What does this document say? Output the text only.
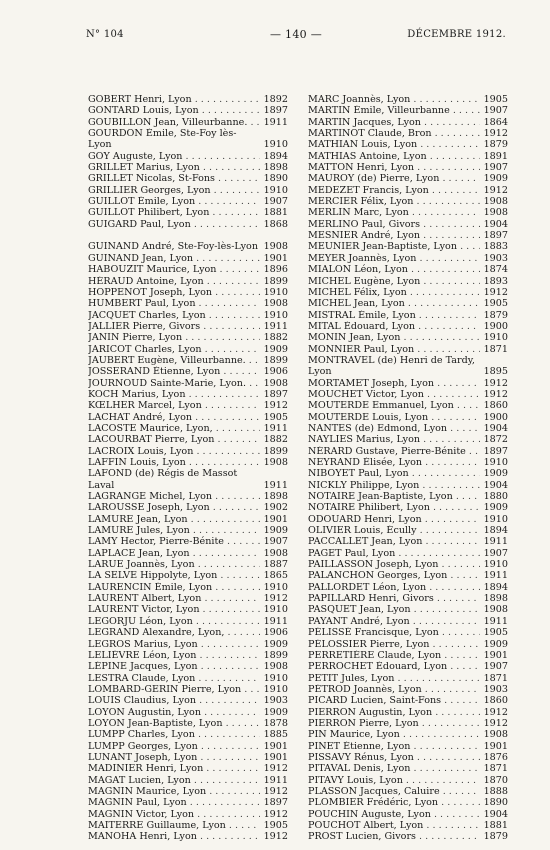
N° 104	— 140 —	DÉCEMBRE 1912.
GOBERT Henri, Lyon . . .	1892
GONTARD Louis, Lyon . . .	1897
GOUBILLON Jean, Villeurbanne. . . .	1911
GOURDON Émile, Ste-Foy lès-Lyon	1910
GOY Auguste, Lyon . . .	1894
GRILLET Marius, Lyon . . .	1898
GRILLET Nicolas, St-Fons . . .	1890
GRILLIER Georges, Lyon . . .	1910
GUILLOT Émile, Lyon . . .	1907
GUILLOT Philibert, Lyon . . .	1881
GUIGARD Paul, Lyon . . .	1868
GUINAND André, Ste-Foy-lès-Lyon 1908
GUINAND Jean, Lyon . . .	1901
HABOUZIT Maurice, Lyon . . .	1896
HÉRAUD Antoine, Lyon . . .	1899
HOPPENOT Joseph, Lyon . . .	1910
HUMBERT Paul, Lyon . . .	1908
JACQUET Charles, Lyon . . .	1910
JALLIER Pierre, Givors . . .	1911
JANIN Pierre, Lyon . . .	1882
JARICOT Charles, Lyon . . .	1909
JAUBERT Eugène, Villeurbanne. . . .	1899
JOSSERAND Étienne, Lyon . . .	1906
JOURNOUD Sainte-Marie, Lyon. . . .	1908
KOCH Marius, Lyon . . .	1897
KŒLHER Marcel, Lyon . . .	1912
LACHAT André, Lyon . . .	1905
LACOSTE Maurice, Lyon, . . .	1911
LACOURBAT Pierre, Lyon . . .	1882
LACROIX Louis, Lyon . . .	1899
LAFFIN Louis, Lyon . . .	1908
LAFOND (de) Régis de Massot Laval	1911
LAGRANGE Michel, Lyon . . .	1898
LAROUSSE Joseph, Lyon . . .	1902
LAMURE Jean, Lyon . . .	1901
LAMURE Jules, Lyon . . .	1909
LAMY Hector, Pierre-Bénite . . .	1907
LAPLACE Jean, Lyon . . .	1908
LARUE Joannès, Lyon . . .	1887
LA SELVE Hippolyte, Lyon . . .	1865
LAURENCIN Émile, Lyon . . .	1910
LAURENT Albert, Lyon . . .	1912
LAURENT Victor, Lyon . . .	1910
LEGORJU Léon, Lyon . . .	1911
LEGRAND Alexandre, Lyon, . . .	1906
LEGROS Marius, Lyon . . .	1909
LELIÈVRE Léon, Lyon . . .	1899
LÉPINE Jacques, Lyon . . .	1908
LESTRA Claude, Lyon . . .	1910
LOMBARD-GERIN Pierre, Lyon . . .	1910
LOUIS Claudius, Lyon . . .	1903
LOYON Augustin, Lyon . . .	1909
LOYON Jean-Baptiste, Lyon . . .	1878
LUMPP Charles, Lyon . . .	1885
LUMPP Georges, Lyon . . .	1901
LUNANT Joseph, Lyon . . .	1901
MADINIER Henri, Lyon . . .	1912
MAGAT Lucien, Lyon . . .	1911
MAGNIN Maurice, Lyon . . .	1912
MAGNIN Paul, Lyon . . .	1897
MAGNIN Victor, Lyon . . .	1912
MAITERRE Guillaume, Lyon . . .	1905
MANOHA Henri, Lyon . . .	1912
MARC Joannès, Lyon . . .	1905
MARTIN Émile, Villeurbanne . . .	1907
MARTIN Jacques, Lyon . . .	1864
MARTINOT Claude, Bron . . .	1912
MATHIAN Louis, Lyon . . .	1879
MATHIAS Antoine, Lyon . . .	1891
MATTON Henri, Lyon . . .	1907
MAUROY (de) Pierre, Lyon . . .	1909
MEDEZET Francis, Lyon . . .	1912
MERCIER Félix, Lyon . . .	1908
MERLIN Marc, Lyon . . .	1908
MERLINO Paul, Givors . . .	1904
MESNIER André, Lyon . . .	1897
MEUNIER Jean-Baptiste, Lyon . . .	1883
MEYER Joannès, Lyon . . .	1903
MIALON Léon, Lyon . . .	1874
MICHEL Eugène, Lyon . . .	1893
MICHEL Félix, Lyon . . .	1912
MICHEL Jean, Lyon . . .	1905
MISTRAL Émile, Lyon . . .	1879
MITAL Édouard, Lyon . . .	1900
MONIN Jean, Lyon . . .	1910
MONNIER Paul, Lyon . . .	1871
MONTRAVEL (de) Henri de Tardy, Lyon	1895
MORTAMET Joseph, Lyon . . .	1912
MOUCHET Victor, Lyon . . .	1912
MOUTERDE Emmanuel, Lyon . . .	1860
MOUTERDE Louis, Lyon . . .	1900
NANTES (de) Edmond, Lyon . . .	1904
NAYLIES Marius, Lyon . . .	1872
NÉRARD Gustave, Pierre-Bénite . . .	1897
NEYRAND Élisée, Lyon . . .	1910
NIBOYET Paul, Lyon . . .	1909
NICKLY Philippe, Lyon . . .	1904
NOTAIRE Jean-Baptiste, Lyon . . .	1880
NOTAIRE Philibert, Lyon . . .	1909
ODOUARD Henri, Lyon . . .	1910
OLIVIER Louis, Écully . . .	1894
PACCALLET Jean, Lyon . . .	1911
PAGET Paul, Lyon . . .	1907
PAILLASSON Joseph, Lyon . . .	1910
PALANCHON Georges, Lyon . . .	1911
PALLORDET Léon, Lyon . . .	1894
PAPILLARD Henri, Givors . . .	1898
PASQUET Jean, Lyon . . .	1908
PAYANT André, Lyon . . .	1911
PÉLISSÉ Francisque, Lyon . . .	1905
PÉLOSSIER Pierre, Lyon . . .	1909
PERRETIÈRE Claude, Lyon . . .	1901
PERROCHET Édouard, Lyon . . .	1907
PETIT Jules, Lyon . . .	1871
PÉTROD Joannès, Lyon . . .	1903
PICARD Lucien, Saint-Fons . . .	1860
PIERRON Augustin, Lyon . . .	1912
PIERRON Pierre, Lyon . . .	1912
PIN Maurice, Lyon . . .	1908
PINET Étienne, Lyon . . .	1901
PISSAVY Rénus, Lyon . . .	1876
PITAVAL Denis, Lyon . . .	1871
PITAVY Louis, Lyon . . .	1870
PLASSON Jacques, Caluire . . .	1888
PLOMBIER Frédéric, Lyon . . .	1890
POUCHIN Auguste, Lyon . . .	1904
POUCHOT Albert, Lyon . . .	1881
PROST Lucien, Givors . . .	1879
